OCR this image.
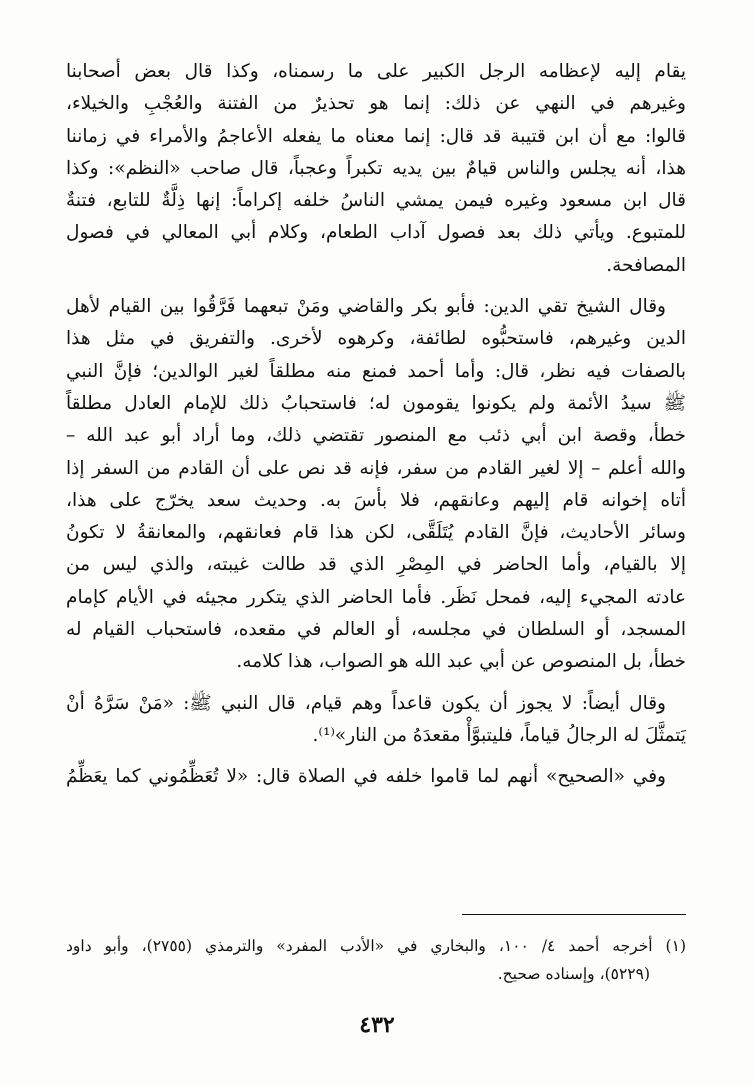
يقام إليه لإعظامه الرجل الكبير على ما رسمناه، وكذا قال بعض أصحابنا
وغيرهم في النهي عن ذلك: إنما هو تحذيرٌ من الفتنة والعُجْبِ والخيلاء،
قالوا: مع أن ابن قتيبة قد قال: إنما معناه ما يفعله الأعاجمُ والأمراء في زماننا
هذا، أنه يجلس والناس قيامٌ بين يديه تكبراً وعجباً، قال صاحب «النظم»: وكذا
قال ابن مسعود وغيره فيمن يمشي الناسُ خلفه إكراماً: إنها ذِلَّةٌ للتابع، فتنةٌ
للمتبوع. ويأتي ذلك بعد فصول آداب الطعام، وكلام أبي المعالي في فصول
المصافحة.
وقال الشيخ تقي الدين: فأبو بكر والقاضي ومَنْ تبعهما فَرَّقُوا بين القيام لأهل
الدين وغيرهم، فاستحبُّوه لطائفة، وكرهوه لأخرى. والتفريق في مثل هذا
بالصفات فيه نظر، قال: وأما أحمد فمنع منه مطلقاً لغير الوالدين؛ فإنَّ النبي
ﷺ سيدُ الأئمة ولم يكونوا يقومون له؛ فاستحبابُ ذلك للإمام العادل مطلقاً
خطأ، وقصة ابن أبي ذئب مع المنصور تقتضي ذلك، وما أراد أبو عبد الله –
والله أعلم – إلا لغير القادم من سفر، فإنه قد نص على أن القادم من السفر إذا
أتاه إخوانه قام إليهم وعانقهم، فلا بأسَ به. وحديث سعد يخرّج على هذا،
وسائر الأحاديث، فإنَّ القادم يُتَلَقَّى، لكن هذا قام فعانقهم، والمعانقةُ لا تكونُ
إلا بالقيام، وأما الحاضر في المِصْرِ الذي قد طالت غيبته، والذي ليس من
عادته المجيء إليه، فمحل نَظَر. فأما الحاضر الذي يتكرر مجيئه في الأيام كإمام
المسجد، أو السلطان في مجلسه، أو العالم في مقعده، فاستحباب القيام له
خطأ، بل المنصوص عن أبي عبد الله هو الصواب، هذا كلامه.
وقال أيضاً: لا يجوز أن يكون قاعداً وهم قيام، قال النبي ﷺ: «مَنْ سَرَّهُ أنْ
يَتمثَّلَ له الرجالُ قياماً، فليتبوَّأْ مقعدَهُ من النار»⁽¹⁾.
وفي «الصحيح» أنهم لما قاموا خلفه في الصلاة قال: «لا تُعَظِّمُوني كما يعَظِّمُ
(١) أخرجه أحمد ٤/ ١٠٠، والبخاري في «الأدب المفرد» والترمذي (٢٧٥٥)، وأبو داود
(٥٢٢٩)، وإسناده صحيح.
٤٣٢
